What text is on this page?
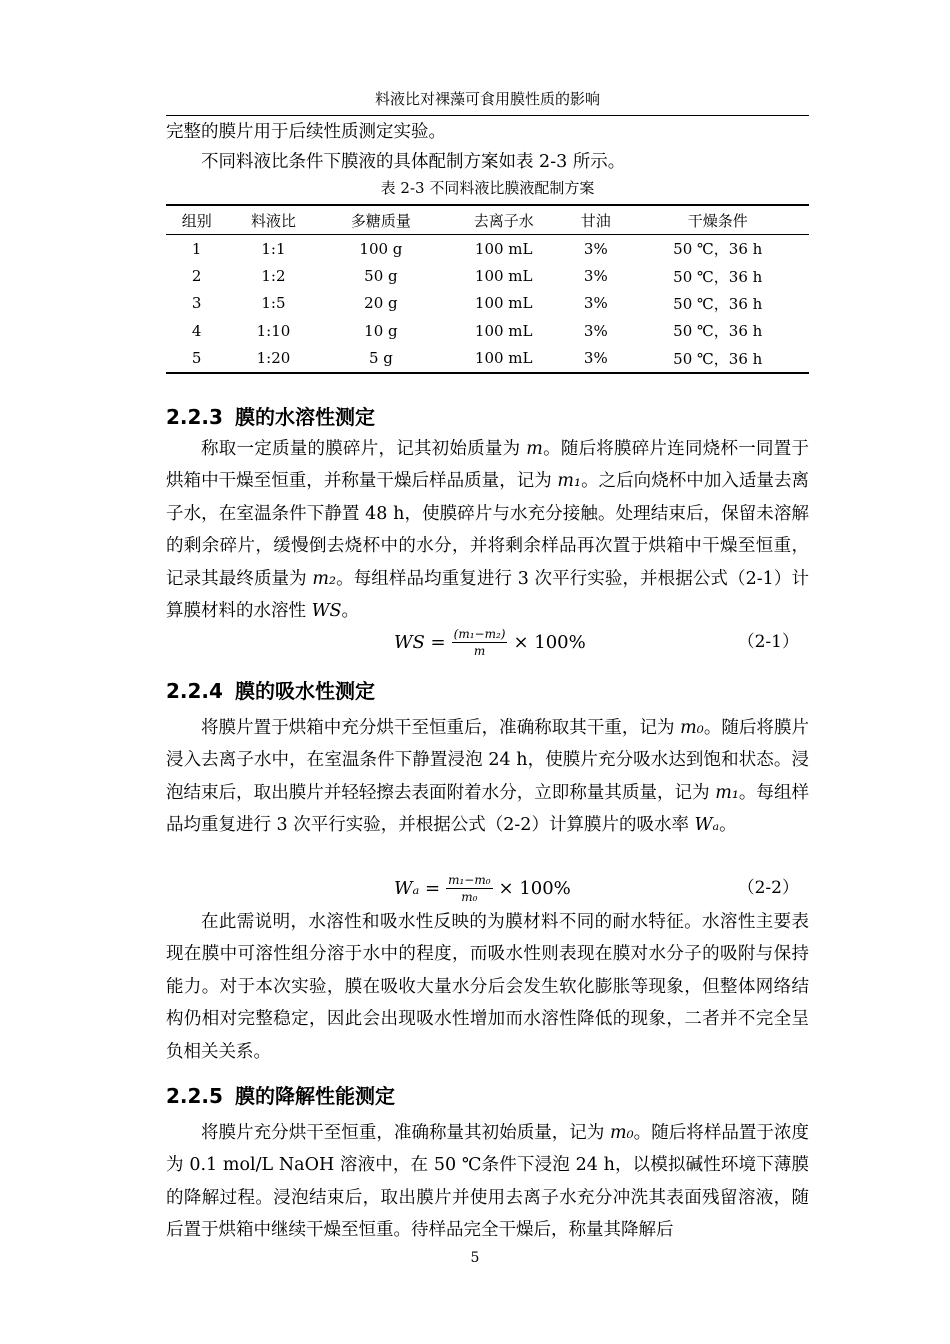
料液比对裸藻可食用膜性质的影响

完整的膜片用于后续性质测定实验。

不同料液比条件下膜液的具体配制方案如表 2-3 所示。

表 2-3 不同料液比膜液配制方案
组别	料液比	多糖质量	去离子水	甘油	干燥条件
1	1:1	100 g	100 mL	3%	50 ℃，36 h
2	1:2	50 g	100 mL	3%	50 ℃，36 h
3	1:5	20 g	100 mL	3%	50 ℃，36 h
4	1:10	10 g	100 mL	3%	50 ℃，36 h
5	1:20	5 g	100 mL	3%	50 ℃，36 h
2.2.3 膜的水溶性测定

称取一定质量的膜碎片，记其初始质量为 m。随后将膜碎片连同烧杯一同置于烘箱中干燥至恒重，并称量干燥后样品质量，记为 m₁。之后向烧杯中加入适量去离子水，在室温条件下静置 48 h，使膜碎片与水充分接触。处理结束后，保留未溶解的剩余碎片，缓慢倒去烧杯中的水分，并将剩余样品再次置于烘箱中干燥至恒重，记录其最终质量为 m₂。每组样品均重复进行 3 次平行实验，并根据公式（2-1）计算膜材料的水溶性 WS。

WS = $\frac{\text{(m₁−m₂)}}{m} \times 100\%$	（2-1）
2.2.4 膜的吸水性测定

将膜片置于烘箱中充分烘干至恒重后，准确称取其干重，记为 m₀。随后将膜片浸入去离子水中，在室温条件下静置浸泡 24 h，使膜片充分吸水达到饱和状态。浸泡结束后，取出膜片并轻轻擦去表面附着水分，立即称量其质量，记为 m₁。每组样品均重复进行 3 次平行实验，并根据公式（2-2）计算膜片的吸水率 Wₐ。

$W_a = \frac{\text{m₁−m₀}}{\text{m₀}} \times 100\%$	（2-2）

在此需说明，水溶性和吸水性反映的为膜材料不同的耐水特征。水溶性主要表现在膜中可溶性组分溶于水中的程度，而吸水性则表现在膜对水分子的吸附与保持能力。对于本次实验，膜在吸收大量水分后会发生软化膨胀等现象，但整体网络结构仍相对完整稳定，因此会出现吸水性增加而水溶性降低的现象，二者并不完全呈负相关关系。

2.2.5 膜的降解性能测定

将膜片充分烘干至恒重，准确称量其初始质量，记为 m₀。随后将样品置于浓度为 0.1 mol/L NaOH 溶液中，在 50 ℃条件下浸泡 24 h，以模拟碱性环境下薄膜的降解过程。浸泡结束后，取出膜片并使用去离子水充分冲洗其表面残留溶液，随后置于烘箱中继续干燥至恒重。待样品完全干燥后，称量其降解后

5
